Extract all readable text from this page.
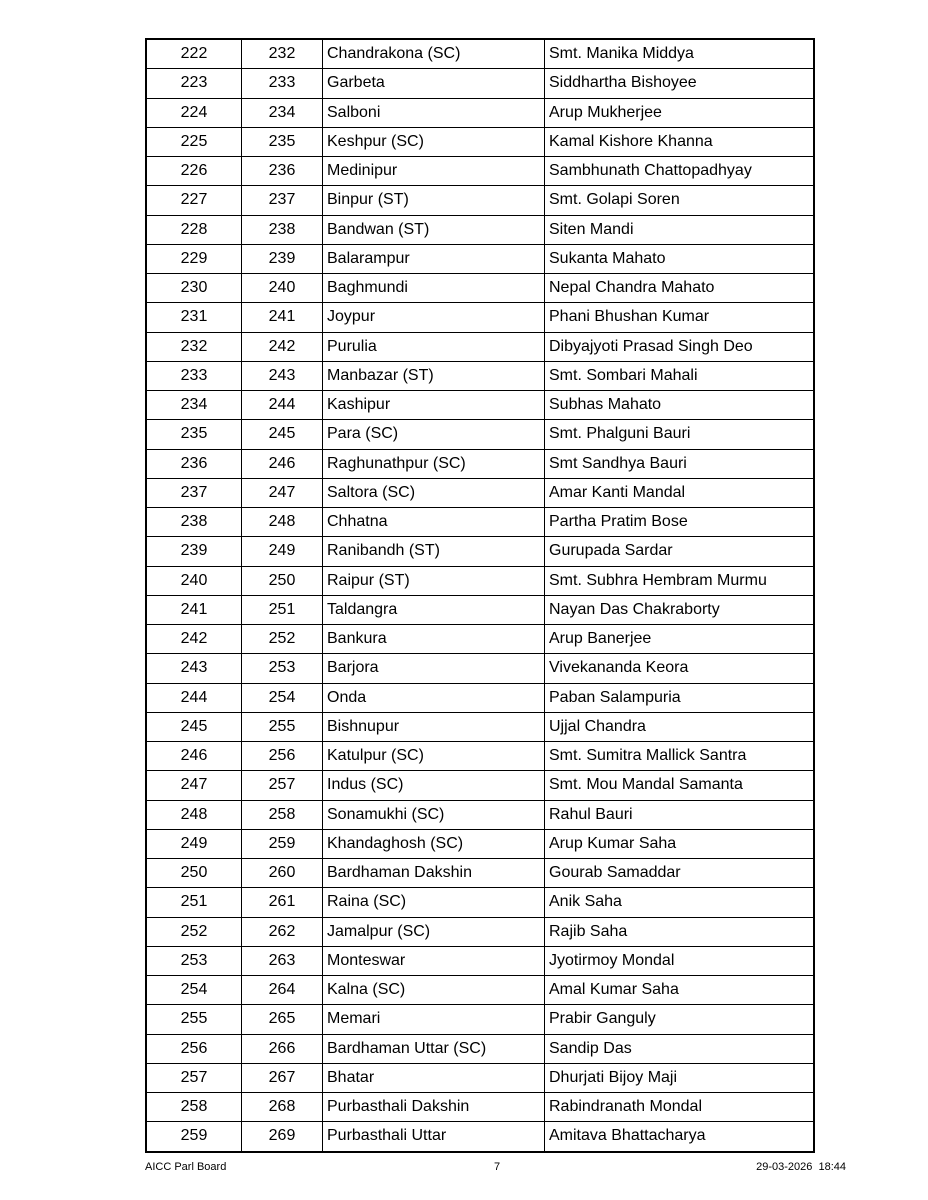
222	232	Chandrakona (SC)	Smt. Manika Middya
223	233	Garbeta	Siddhartha Bishoyee
224	234	Salboni	Arup Mukherjee
225	235	Keshpur (SC)	Kamal Kishore Khanna
226	236	Medinipur	Sambhunath Chattopadhyay
227	237	Binpur (ST)	Smt. Golapi Soren
228	238	Bandwan (ST)	Siten Mandi
229	239	Balarampur	Sukanta Mahato
230	240	Baghmundi	Nepal Chandra Mahato
231	241	Joypur	Phani Bhushan Kumar
232	242	Purulia	Dibyajyoti Prasad Singh Deo
233	243	Manbazar (ST)	Smt. Sombari Mahali
234	244	Kashipur	Subhas Mahato
235	245	Para (SC)	Smt. Phalguni Bauri
236	246	Raghunathpur (SC)	Smt Sandhya Bauri
237	247	Saltora (SC)	Amar Kanti Mandal
238	248	Chhatna	Partha Pratim Bose
239	249	Ranibandh (ST)	Gurupada Sardar
240	250	Raipur (ST)	Smt. Subhra Hembram Murmu
241	251	Taldangra	Nayan Das Chakraborty
242	252	Bankura	Arup Banerjee
243	253	Barjora	Vivekananda Keora
244	254	Onda	Paban Salampuria
245	255	Bishnupur	Ujjal Chandra
246	256	Katulpur (SC)	Smt. Sumitra Mallick Santra
247	257	Indus (SC)	Smt. Mou Mandal Samanta
248	258	Sonamukhi (SC)	Rahul Bauri
249	259	Khandaghosh (SC)	Arup Kumar Saha
250	260	Bardhaman Dakshin	Gourab Samaddar
251	261	Raina (SC)	Anik Saha
252	262	Jamalpur (SC)	Rajib Saha
253	263	Monteswar	Jyotirmoy Mondal
254	264	Kalna (SC)	Amal Kumar Saha
255	265	Memari	Prabir Ganguly
256	266	Bardhaman Uttar (SC)	Sandip Das
257	267	Bhatar	Dhurjati Bijoy Maji
258	268	Purbasthali Dakshin	Rabindranath Mondal
259	269	Purbasthali Uttar	Amitava Bhattacharya
AICC Parl Board	7	29-03-2026  18:44
